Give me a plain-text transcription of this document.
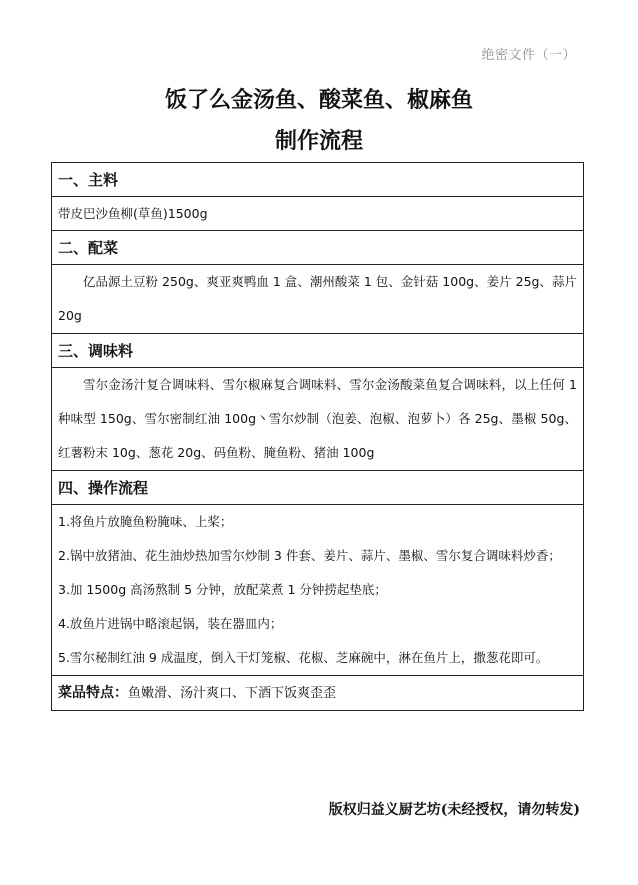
绝密文件（一）
饭了么金汤鱼、酸菜鱼、椒麻鱼
制作流程
一、主料
带皮巴沙鱼柳(草鱼)1500g
二、配菜

亿品源土豆粉 250g、爽亚爽鸭血 1 盒、潮州酸菜 1 包、金针菇 100g、姜片 25g、蒜片 20g

三、调味料

雪尔金汤汁复合调味料、雪尔椒麻复合调味料、雪尔金汤酸菜鱼复合调味料，以上任何 1 种味型 150g、雪尔密制红油 100g丶雪尔炒制（泡姜、泡椒、泡萝卜）各 25g、墨椒 50g、红薯粉末 10g、葱花 20g、码鱼粉、腌鱼粉、猪油 100g

四、操作流程
1.将鱼片放腌鱼粉腌味、上桨；
2.锅中放猪油、花生油炒热加雪尔炒制 3 件套、姜片、蒜片、墨椒、雪尔复合调味料炒香；
3.加 1500g 高汤熬制 5 分钟，放配菜煮 1 分钟捞起垫底；
4.放鱼片进锅中略滚起锅，装在器皿内；
5.雪尔秘制红油 9 成温度，倒入干灯笼椒、花椒、芝麻碗中，淋在鱼片上，撒葱花即可。
菜品特点：鱼嫩滑、汤汁爽口、下酒下饭爽歪歪
版权归益义厨艺坊(未经授权，请勿转发)
